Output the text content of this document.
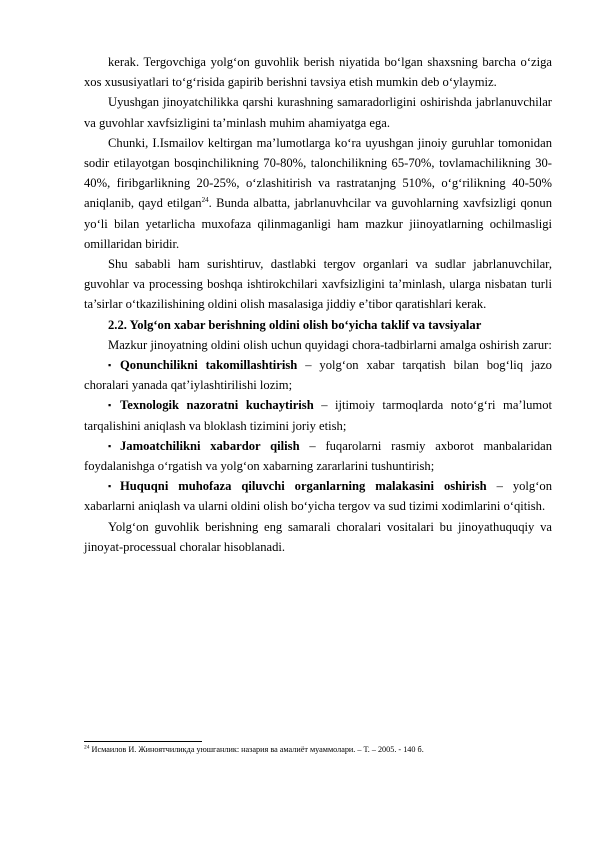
kerak. Tergovchiga yolg‘on guvohlik berish niyatida bo‘lgan shaxsning barcha o‘ziga xos xususiyatlari to‘g‘risida gapirib berishni tavsiya etish mumkin deb o‘ylaymiz.

Uyushgan jinoyatchilikka qarshi kurashning samaradorligini oshirishda jabrlanuvchilar va guvohlar xavfsizligini ta’minlash muhim ahamiyatga ega.

Chunki, I.Ismailov keltirgan ma’lumotlarga ko‘ra uyushgan jinoiy guruhlar tomonidan sodir etilayotgan bosqinchilikning 70-80%, talonchilikning 65-70%, tovlamachilikning 30-40%, firibgarlikning 20-25%, o‘zlashitirish va rastratanjng 510%, o‘g‘rilikning 40-50% aniqlanib, qayd etilgan$^{24}$. Bunda albatta, jabrlanuvhcilar va guvohlarning xavfsizligi qonun yo‘li bilan yetarlicha muxofaza qilinmaganligi ham mazkur jiinoyatlarning ochilmasligi omillaridan biridir.

Shu sababli ham surishtiruv, dastlabki tergov organlari va sudlar jabrlanuvchilar, guvohlar va processing boshqa ishtirokchilari xavfsizligini ta’minlash, ularga nisbatan turli ta’sirlar o‘tkazilishining oldini olish masalasiga jiddiy e’tibor qaratishlari kerak.

2.2. Yolg‘on xabar berishning oldini olish bo‘yicha taklif va tavsiyalar

Mazkur jinoyatning oldini olish uchun quyidagi chora-tadbirlarni amalga oshirish zarur:

▪ Qonunchilikni takomillashtirish – yolg‘on xabar tarqatish bilan bog‘liq jazo choralari yanada qat’iylashtirilishi lozim;

▪ Texnologik nazoratni kuchaytirish – ijtimoiy tarmoqlarda noto‘g‘ri ma’lumot tarqalishini aniqlash va bloklash tizimini joriy etish;

▪ Jamoatchilikni xabardor qilish – fuqarolarni rasmiy axborot manbalaridan foydalanishga o‘rgatish va yolg‘on xabarning zararlarini tushuntirish;

▪ Huquqni muhofaza qiluvchi organlarning malakasini oshirish – yolg‘on xabarlarni aniqlash va ularni oldini olish bo‘yicha tergov va sud tizimi xodimlarini o‘qitish.

Yolg‘on guvohlik berishning eng samarali choralari vositalari bu jinoyathuquqiy va jinoyat-processual choralar hisoblanadi.

$^{24}$ Исмаилов И. Жиноятчиликда уюшганлик: назария ва амалиёт муаммолари. – Т. – 2005. - 140 б.
